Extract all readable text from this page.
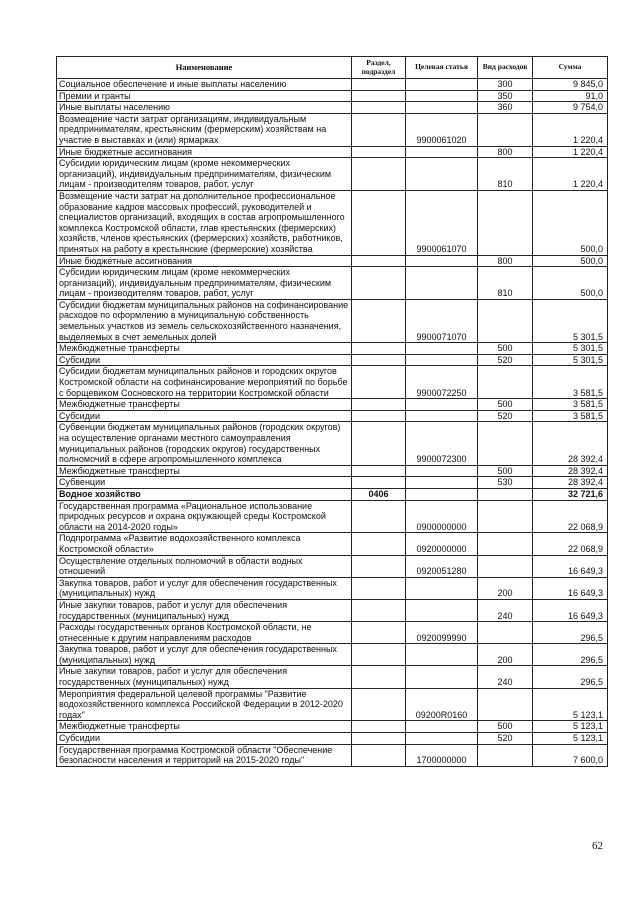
Наименование	Раздел, подраздел	Целевая статья	Вид расходов	Сумма
Социальное обеспечение и иные выплаты населению			300	9 845,0
Премии и гранты			350	91,0
Иные выплаты населению			360	9 754,0
Возмещение части затрат организациям, индивидуальным предпринимателям, крестьянским (фермерским) хозяйствам на участие в выставках и (или) ярмарках		9900061020		1 220,4
Иные бюджетные ассигнования			800	1 220,4
Субсидии юридическим лицам (кроме некоммерческих организаций), индивидуальным предпринимателям, физическим лицам - производителям товаров, работ, услуг			810	1 220,4
Возмещение части затрат на дополнительное профессиональное образование кадров массовых профессий, руководителей и специалистов организаций, входящих в состав агропромышленного комплекса Костромской области, глав крестьянских (фермерских) хозяйств, членов крестьянских (фермерских) хозяйств, работников, принятых на работу в крестьянские (фермерские) хозяйства		9900061070		500,0
Иные бюджетные ассигнования			800	500,0
Субсидии юридическим лицам (кроме некоммерческих организаций), индивидуальным предпринимателям, физическим лицам - производителям товаров, работ, услуг			810	500,0
Субсидии бюджетам муниципальных районов на софинансирование расходов по оформлению в муниципальную собственность земельных участков из земель сельскохозяйственного назначения, выделяемых в счет земельных долей		9900071070		5 301,5
Межбюджетные трансферты			500	5 301,5
Субсидии			520	5 301,5
Субсидии бюджетам муниципальных районов и городских округов Костромской области на софинансирование мероприятий по борьбе с борщевиком Сосновского на территории Костромской области		9900072250		3 581,5
Межбюджетные трансферты			500	3 581,5
Субсидии			520	3 581,5
Субвенции бюджетам муниципальных районов (городских округов) на осуществление органами местного самоуправления муниципальных районов (городских округов) государственных полномочий в сфере агропромышленного комплекса		9900072300		28 392,4
Межбюджетные трансферты			500	28 392,4
Субвенции			530	28 392,4
Водное хозяйство	0406			32 721,6
Государственная программа «Рациональное использование природных ресурсов и охрана окружающей среды Костромской области на 2014-2020 годы»		0900000000		22 068,9
Подпрограмма «Развитие водохозяйственного комплекса Костромской области»		0920000000		22 068,9
Осуществление отдельных полномочий в области водных отношений		0920051280		16 649,3
Закупка товаров, работ и услуг для обеспечения государственных (муниципальных) нужд			200	16 649,3
Иные закупки товаров, работ и услуг для обеспечения государственных (муниципальных) нужд			240	16 649,3
Расходы государственных органов Костромской области, не отнесенные к другим направлениям расходов		0920099990		296,5
Закупка товаров, работ и услуг для обеспечения государственных (муниципальных) нужд			200	296,5
Иные закупки товаров, работ и услуг для обеспечения государственных (муниципальных) нужд			240	296,5
Мероприятия федеральной целевой программы "Развитие водохозяйственного комплекса Российской Федерации в 2012-2020 годах"		09200R0160		5 123,1
Межбюджетные трансферты			500	5 123,1
Субсидии			520	5 123,1
Государственная программа Костромской области "Обеспечение безопасности населения и территорий на 2015-2020 годы"		1700000000		7 600,0
62
